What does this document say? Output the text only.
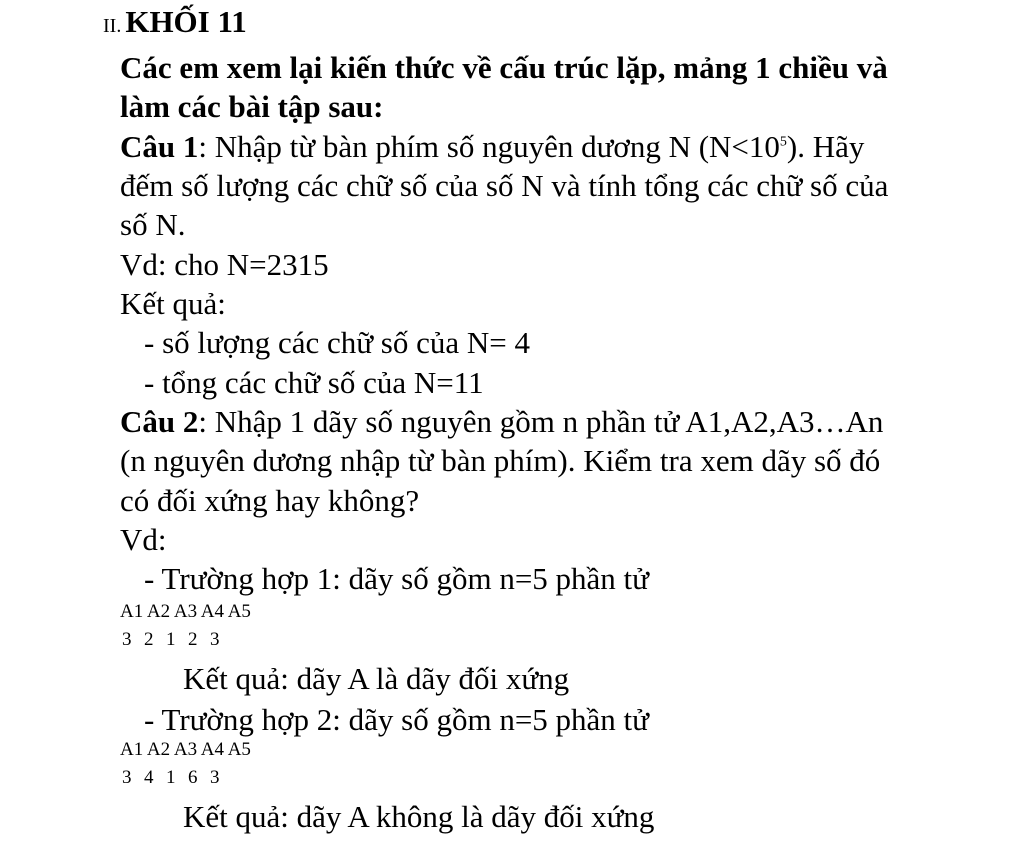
II. KHỐI 11
Các em xem lại kiến thức về cấu trúc lặp, mảng 1 chiều và
làm các bài tập sau:
Câu 1: Nhập từ bàn phím số nguyên dương N $(N<10^5)$. Hãy
đếm số lượng các chữ số của số N và tính tổng các chữ số của
số N.
Vd: cho N=2315
Kết quả:
- số lượng các chữ số của N= 4
- tổng các chữ số của N=11
Câu 2: Nhập 1 dãy số nguyên gồm n phần tử A1,A2,A3…An
(n nguyên dương nhập từ bàn phím). Kiểm tra xem dãy số đó
có đối xứng hay không?
Vd:
- Trường hợp 1: dãy số gồm n=5 phần tử
A1 A2 A3 A4 A5
3 2 1 2 3
Kết quả: dãy A là dãy đối xứng
- Trường hợp 2: dãy số gồm n=5 phần tử
A1 A2 A3 A4 A5
3 4 1 6 3
Kết quả: dãy A không là dãy đối xứng
